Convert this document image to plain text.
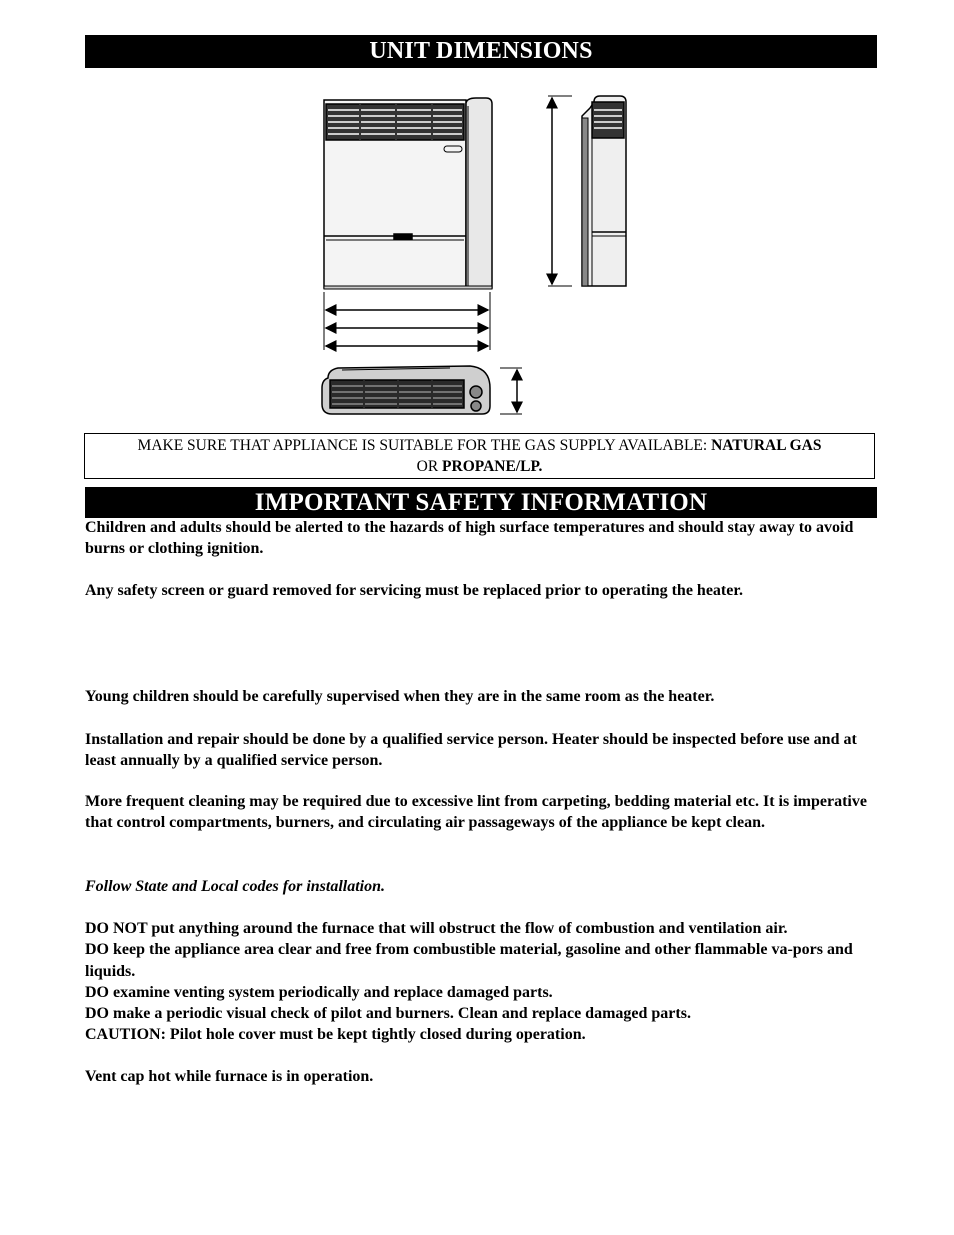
UNIT DIMENSIONS
MAKE SURE THAT APPLIANCE IS SUITABLE FOR THE GAS SUPPLY AVAILABLE: NATURAL GAS
OR PROPANE/LP.
IMPORTANT SAFETY INFORMATION
Children and adults should be alerted to the hazards of high surface temperatures and should stay away to avoid burns or clothing ignition.
Any safety screen or guard removed for servicing must be replaced prior to operating the heater.
Young children should be carefully supervised when they are in the same room as the heater.
Installation and repair should be done by a qualified service person. Heater should be inspected before use and at least annually by a qualified service person.
More frequent cleaning may be required due to excessive lint from carpeting, bedding material etc. It is imperative that control compartments, burners, and circulating air passageways of the appliance be kept clean.
Follow State and Local codes for installation.
DO NOT put anything around the furnace that will obstruct the flow of combustion and ventilation air.
DO keep the appliance area clear and free from combustible material, gasoline and other flammable va-pors and liquids.
DO examine venting system periodically and replace damaged parts.
DO make a periodic visual check of pilot and burners. Clean and replace damaged parts.
CAUTION: Pilot hole cover must be kept tightly closed during operation.
Vent cap hot while furnace is in operation.
